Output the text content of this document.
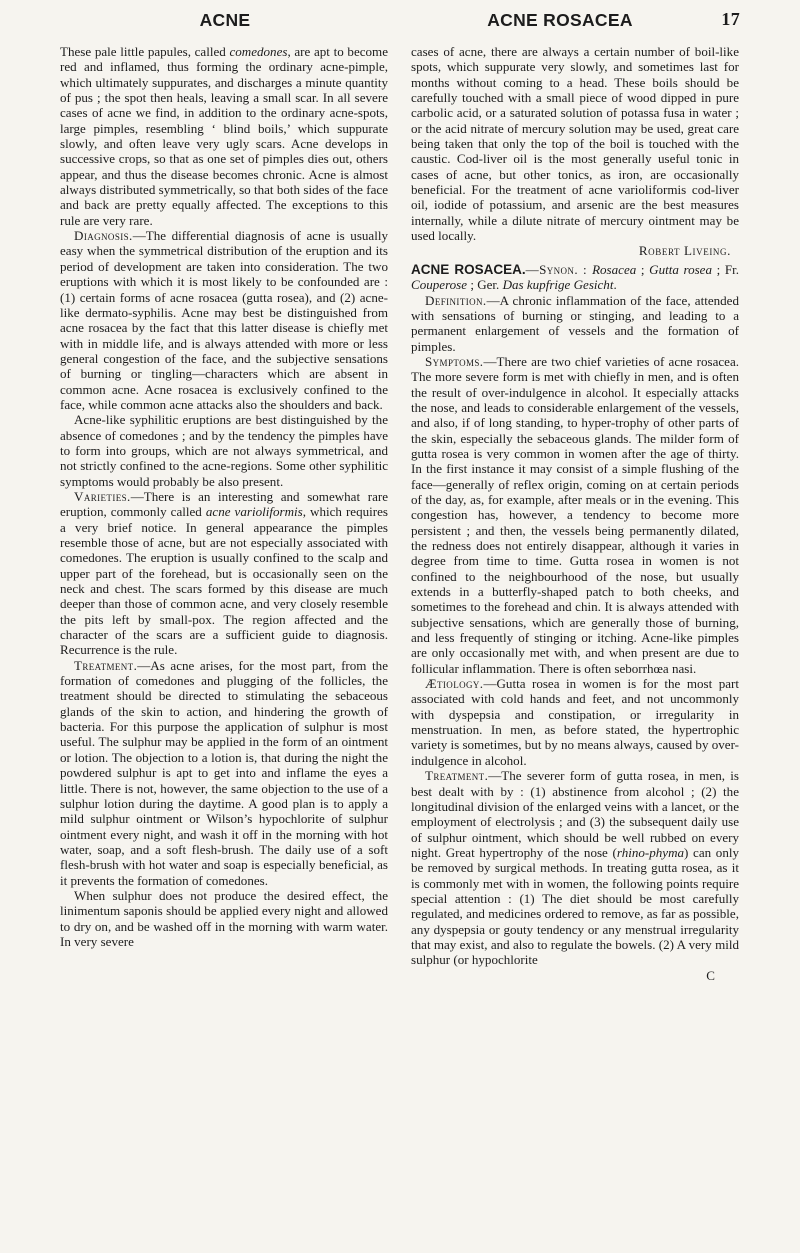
ACNE	ACNE ROSACEA	17

These pale little papules, called comedones, are apt to become red and inflamed, thus forming the ordinary acne-pimple, which ultimately suppurates, and discharges a minute quantity of pus ; the spot then heals, leaving a small scar. In all severe cases of acne we find, in addition to the ordinary acne-spots, large pimples, resembling ‘ blind boils,’ which suppurate slowly, and often leave very ugly scars. Acne develops in successive crops, so that as one set of pimples dies out, others appear, and thus the disease becomes chronic. Acne is almost always distributed symmetrically, so that both sides of the face and back are pretty equally affected. The exceptions to this rule are very rare.

Diagnosis.—The differential diagnosis of acne is usually easy when the symmetrical distribution of the eruption and its period of development are taken into consideration. The two eruptions with which it is most likely to be confounded are : (1) certain forms of acne rosacea (gutta rosea), and (2) acne-like dermato-syphilis. Acne may best be distinguished from acne rosacea by the fact that this latter disease is chiefly met with in middle life, and is always attended with more or less general congestion of the face, and the subjective sensations of burning or tingling—characters which are absent in common acne. Acne rosacea is exclusively confined to the face, while common acne attacks also the shoulders and back.

Acne-like syphilitic eruptions are best distinguished by the absence of comedones ; and by the tendency the pimples have to form into groups, which are not always symmetrical, and not strictly confined to the acne-regions. Some other syphilitic symptoms would probably be also present.

Varieties.—There is an interesting and somewhat rare eruption, commonly called acne varioliformis, which requires a very brief notice. In general appearance the pimples resemble those of acne, but are not especially associated with comedones. The eruption is usually confined to the scalp and upper part of the forehead, but is occasionally seen on the neck and chest. The scars formed by this disease are much deeper than those of common acne, and very closely resemble the pits left by small-pox. The region affected and the character of the scars are a sufficient guide to diagnosis. Recurrence is the rule.

Treatment.—As acne arises, for the most part, from the formation of comedones and plugging of the follicles, the treatment should be directed to stimulating the sebaceous glands of the skin to action, and hindering the growth of bacteria. For this purpose the application of sulphur is most useful. The sulphur may be applied in the form of an ointment or lotion. The objection to a lotion is, that during the night the powdered sulphur is apt to get into and inflame the eyes a little. There is not, however, the same objection to the use of a sulphur lotion during the daytime. A good plan is to apply a mild sulphur ointment or Wilson’s hypochlorite of sulphur ointment every night, and wash it off in the morning with hot water, soap, and a soft flesh-brush. The daily use of a soft flesh-brush with hot water and soap is especially beneficial, as it prevents the formation of comedones.

When sulphur does not produce the desired effect, the linimentum saponis should be applied every night and allowed to dry on, and be washed off in the morning with warm water. In very severe

cases of acne, there are always a certain number of boil-like spots, which suppurate very slowly, and sometimes last for months without coming to a head. These boils should be carefully touched with a small piece of wood dipped in pure carbolic acid, or a saturated solution of potassa fusa in water ; or the acid nitrate of mercury solution may be used, great care being taken that only the top of the boil is touched with the caustic. Cod-liver oil is the most generally useful tonic in cases of acne, but other tonics, as iron, are occasionally beneficial. For the treatment of acne varioliformis cod-liver oil, iodide of potassium, and arsenic are the best measures internally, while a dilute nitrate of mercury ointment may be used locally.

Robert Liveing.

ACNE ROSACEA.—Synon. : Rosacea ; Gutta rosea ; Fr. Couperose ; Ger. Das kupfrige Gesicht.

Definition.—A chronic inflammation of the face, attended with sensations of burning or stinging, and leading to a permanent enlargement of vessels and the formation of pimples.

Symptoms.—There are two chief varieties of acne rosacea. The more severe form is met with chiefly in men, and is often the result of over-indulgence in alcohol. It especially attacks the nose, and leads to considerable enlargement of the vessels, and also, if of long standing, to hyper-trophy of other parts of the skin, especially the sebaceous glands. The milder form of gutta rosea is very common in women after the age of thirty. In the first instance it may consist of a simple flushing of the face—generally of reflex origin, coming on at certain periods of the day, as, for example, after meals or in the evening. This congestion has, however, a tendency to become more persistent ; and then, the vessels being permanently dilated, the redness does not entirely disappear, although it varies in degree from time to time. Gutta rosea in women is not confined to the neighbourhood of the nose, but usually extends in a butterfly-shaped patch to both cheeks, and sometimes to the forehead and chin. It is always attended with subjective sensations, which are generally those of burning, and less frequently of stinging or itching. Acne-like pimples are only occasionally met with, and when present are due to follicular inflammation. There is often seborrhœa nasi.

Ætiology.—Gutta rosea in women is for the most part associated with cold hands and feet, and not uncommonly with dyspepsia and constipation, or irregularity in menstruation. In men, as before stated, the hypertrophic variety is sometimes, but by no means always, caused by over-indulgence in alcohol.

Treatment.—The severer form of gutta rosea, in men, is best dealt with by : (1) abstinence from alcohol ; (2) the longitudinal division of the enlarged veins with a lancet, or the employment of electrolysis ; and (3) the subsequent daily use of sulphur ointment, which should be well rubbed on every night. Great hypertrophy of the nose (rhino-phyma) can only be removed by surgical methods. In treating gutta rosea, as it is commonly met with in women, the following points require special attention : (1) The diet should be most carefully regulated, and medicines ordered to remove, as far as possible, any dyspepsia or gouty tendency or any menstrual irregularity that may exist, and also to regulate the bowels. (2) A very mild sulphur (or hypochlorite

C
